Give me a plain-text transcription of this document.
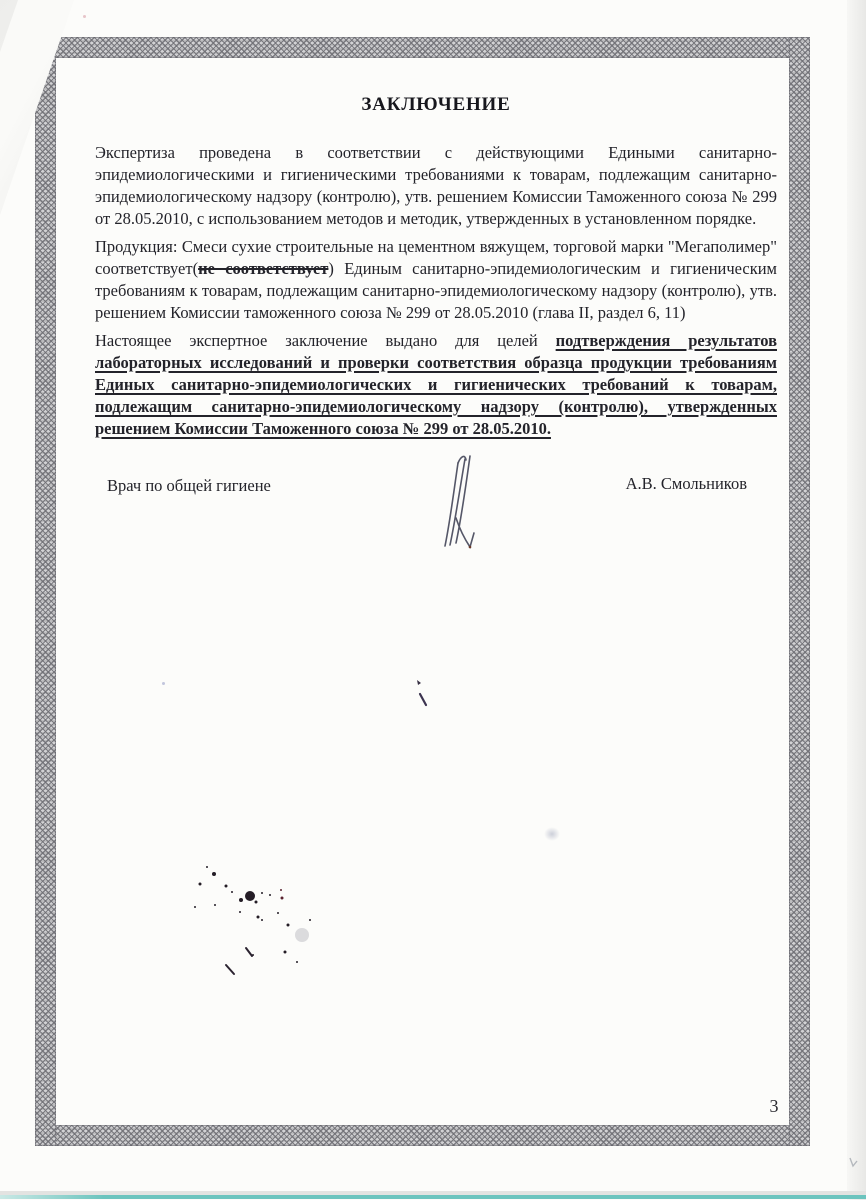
ЗАКЛЮЧЕНИЕ

Экспертиза проведена в соответствии с действующими Едиными санитарно-эпидемиологическими и гигиеническими требованиями к товарам, подлежащим санитарно-эпидемиологическому надзору (контролю), утв. решением Комиссии Таможенного союза № 299 от 28.05.2010, с использованием методов и методик, утвержденных в установленном порядке.

Продукция: Смеси сухие строительные на цементном вяжущем, торговой марки "Мегаполимер" соответствует(не соответствует) Единым санитарно-эпидемиологическим и гигиеническим требованиям к товарам, подлежащим санитарно-эпидемиологическому надзору (контролю), утв. решением Комиссии таможенного союза № 299 от 28.05.2010 (глава II, раздел 6, 11)

Настоящее экспертное заключение выдано для целей подтверждения результатов лабораторных исследований и проверки соответствия образца продукции требованиям Единых санитарно-эпидемиологических и гигиенических требований к товарам, подлежащим санитарно-эпидемиологическому надзору (контролю), утвержденных решением Комиссии Таможенного союза № 299 от 28.05.2010.

Врач по общей гигиене	А.В. Смольников
3
